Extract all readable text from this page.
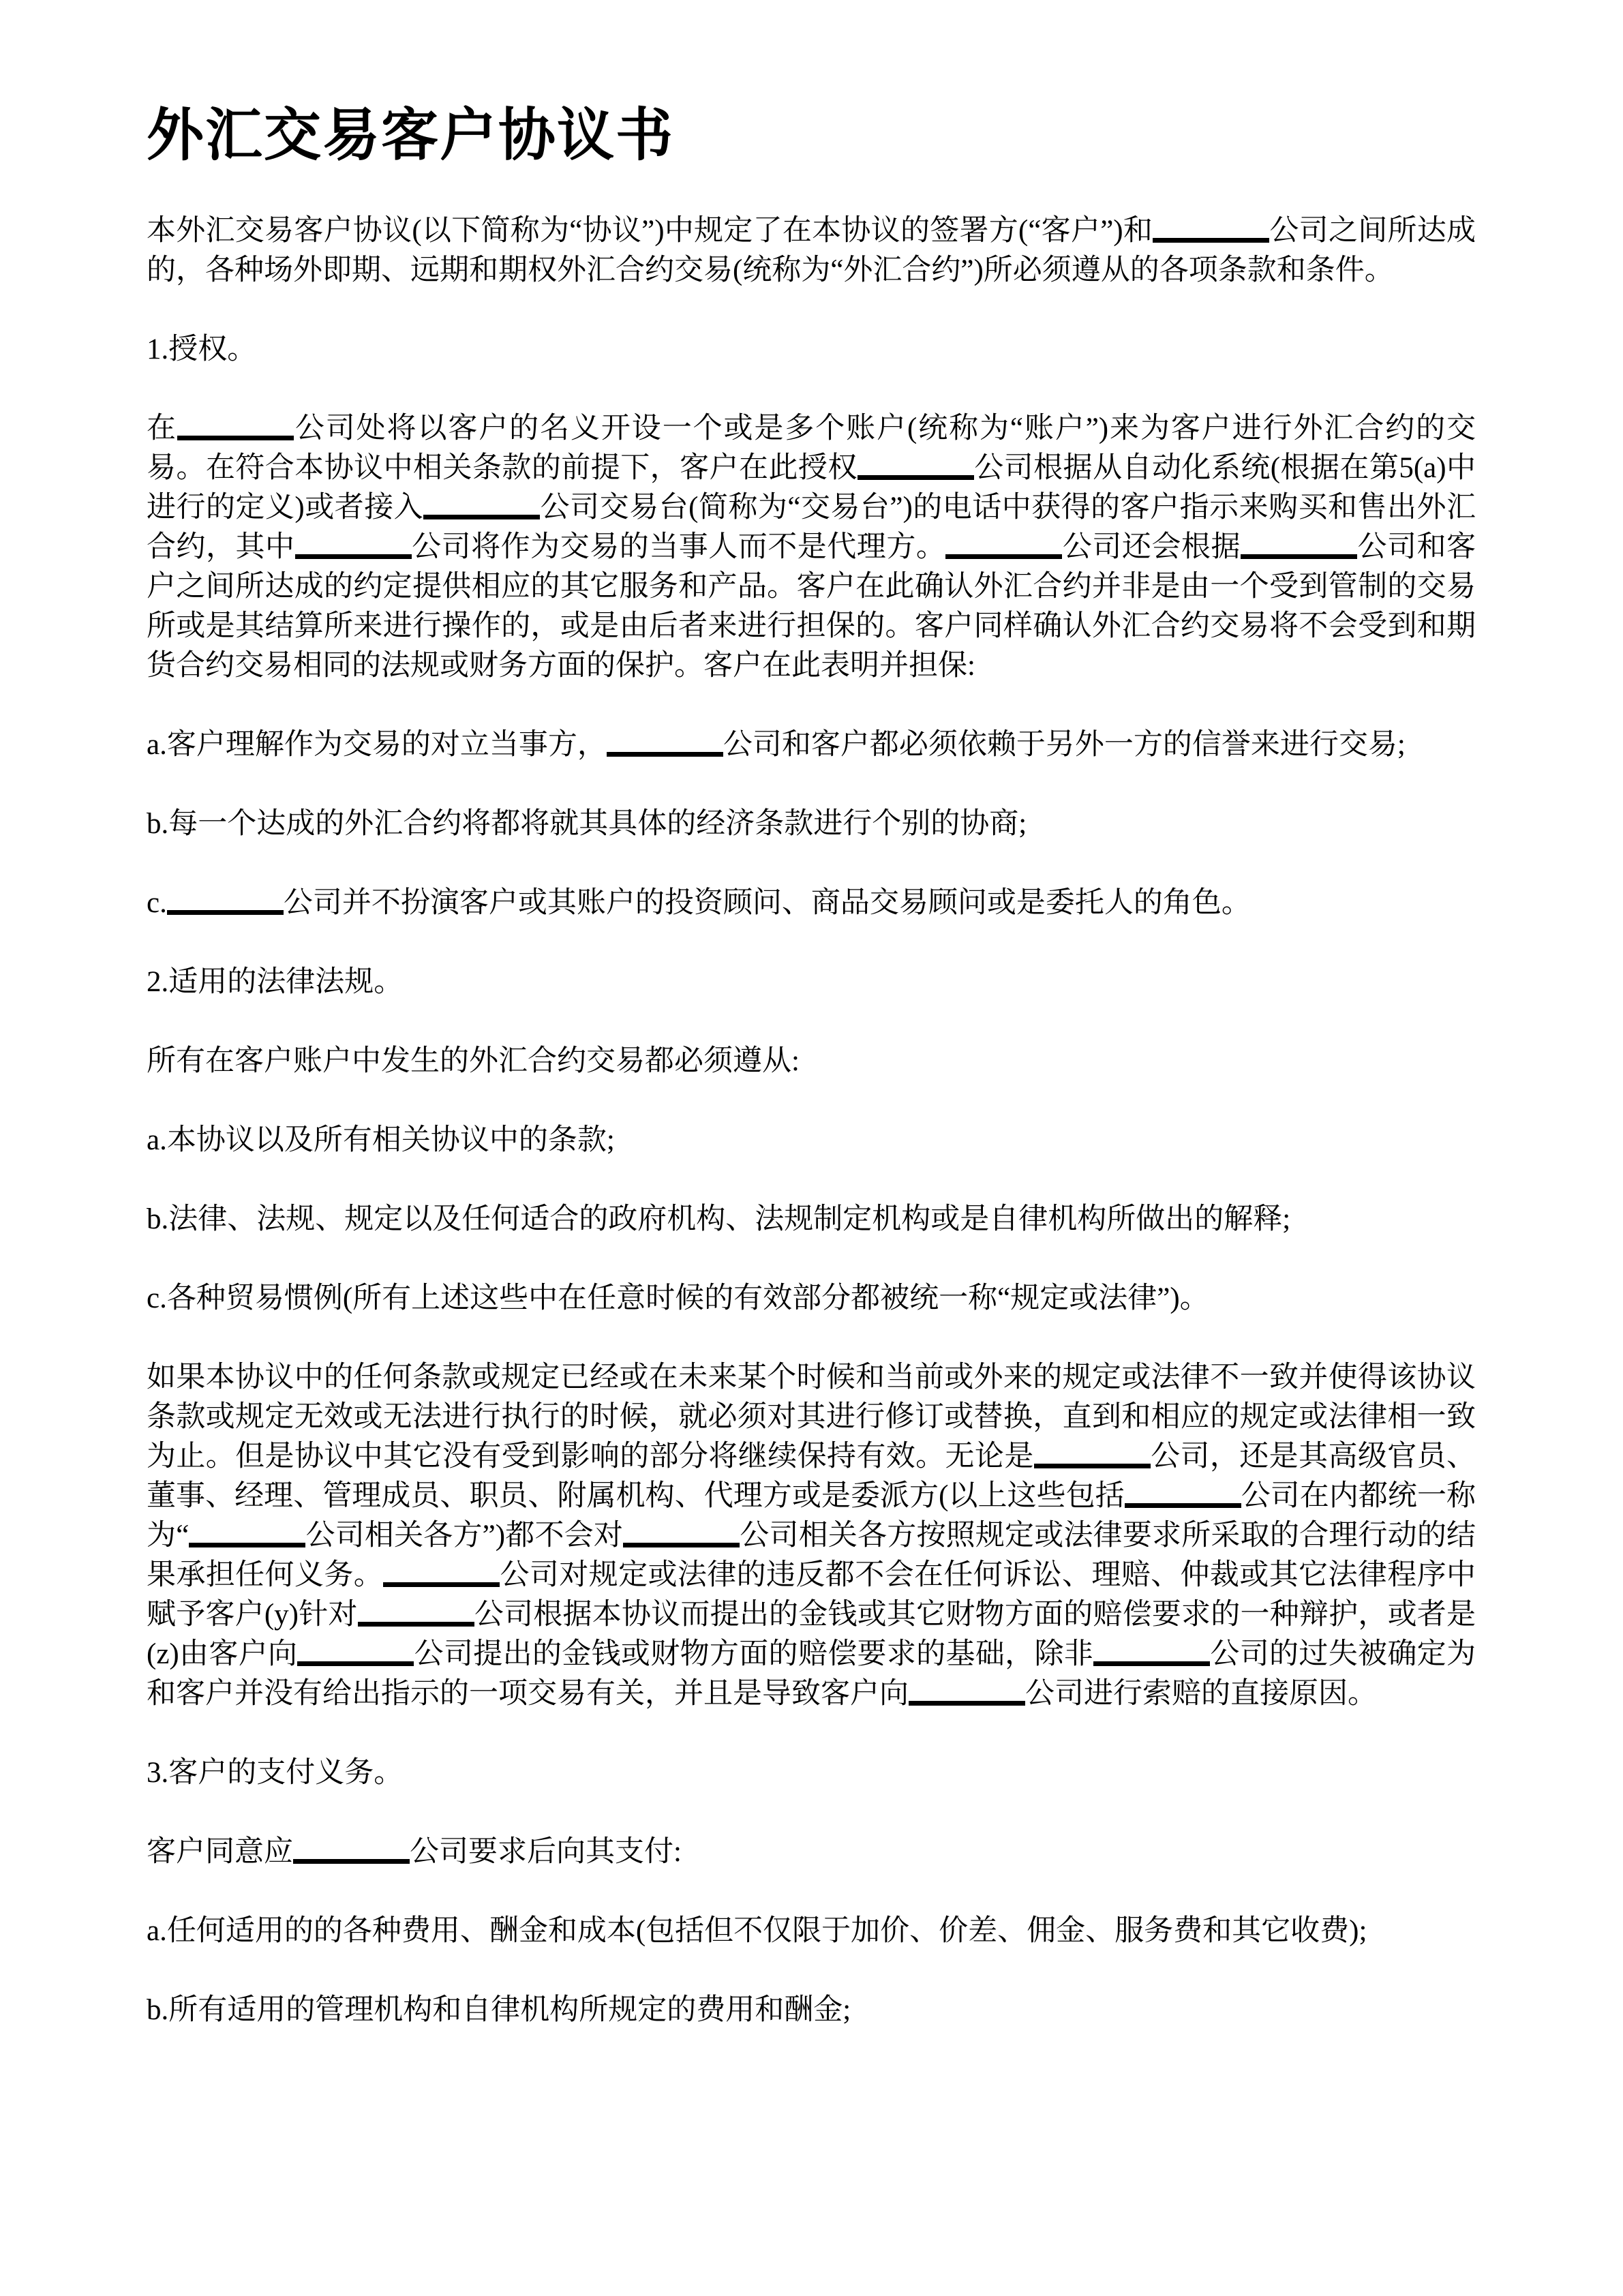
外汇交易客户协议书

本外汇交易客户协议(以下简称为“协议”)中规定了在本协议的签署方(“客户”)和	公司之间所达成的，各种场外即期、远期和期权外汇合约交易(统称为“外汇合约”)所必须遵从的各项条款和条件。

1.授权。

在	公司处将以客户的名义开设一个或是多个账户(统称为“账户”)来为客户进行外汇合约的交易。在符合本协议中相关条款的前提下，客户在此授权	公司根据从自动化系统(根据在第5(a)中进行的定义)或者接入	公司交易台(简称为“交易台”)的电话中获得的客户指示来购买和售出外汇合约，其中	公司将作为交易的当事人而不是代理方。	公司还会根据	公司和客户之间所达成的约定提供相应的其它服务和产品。客户在此确认外汇合约并非是由一个受到管制的交易所或是其结算所来进行操作的，或是由后者来进行担保的。客户同样确认外汇合约交易将不会受到和期货合约交易相同的法规或财务方面的保护。客户在此表明并担保:

a.客户理解作为交易的对立当事方，	公司和客户都必须依赖于另外一方的信誉来进行交易;

b.每一个达成的外汇合约将都将就其具体的经济条款进行个别的协商;

c.	公司并不扮演客户或其账户的投资顾问、商品交易顾问或是委托人的角色。

2.适用的法律法规。

所有在客户账户中发生的外汇合约交易都必须遵从:

a.本协议以及所有相关协议中的条款;

b.法律、法规、规定以及任何适合的政府机构、法规制定机构或是自律机构所做出的解释;

c.各种贸易惯例(所有上述这些中在任意时候的有效部分都被统一称“规定或法律”)。

如果本协议中的任何条款或规定已经或在未来某个时候和当前或外来的规定或法律不一致并使得该协议条款或规定无效或无法进行执行的时候，就必须对其进行修订或替换，直到和相应的规定或法律相一致为止。但是协议中其它没有受到影响的部分将继续保持有效。无论是	公司，还是其高级官员、董事、经理、管理成员、职员、附属机构、代理方或是委派方(以上这些包括	公司在内都统一称为“	公司相关各方”)都不会对	公司相关各方按照规定或法律要求所采取的合理行动的结果承担任何义务。	公司对规定或法律的违反都不会在任何诉讼、理赔、仲裁或其它法律程序中赋予客户(y)针对	公司根据本协议而提出的金钱或其它财物方面的赔偿要求的一种辩护，或者是(z)由客户向	公司提出的金钱或财物方面的赔偿要求的基础，除非	公司的过失被确定为和客户并没有给出指示的一项交易有关，并且是导致客户向	公司进行索赔的直接原因。

3.客户的支付义务。

客户同意应	公司要求后向其支付:

a.任何适用的的各种费用、酬金和成本(包括但不仅限于加价、价差、佣金、服务费和其它收费);

b.所有适用的管理机构和自律机构所规定的费用和酬金;
